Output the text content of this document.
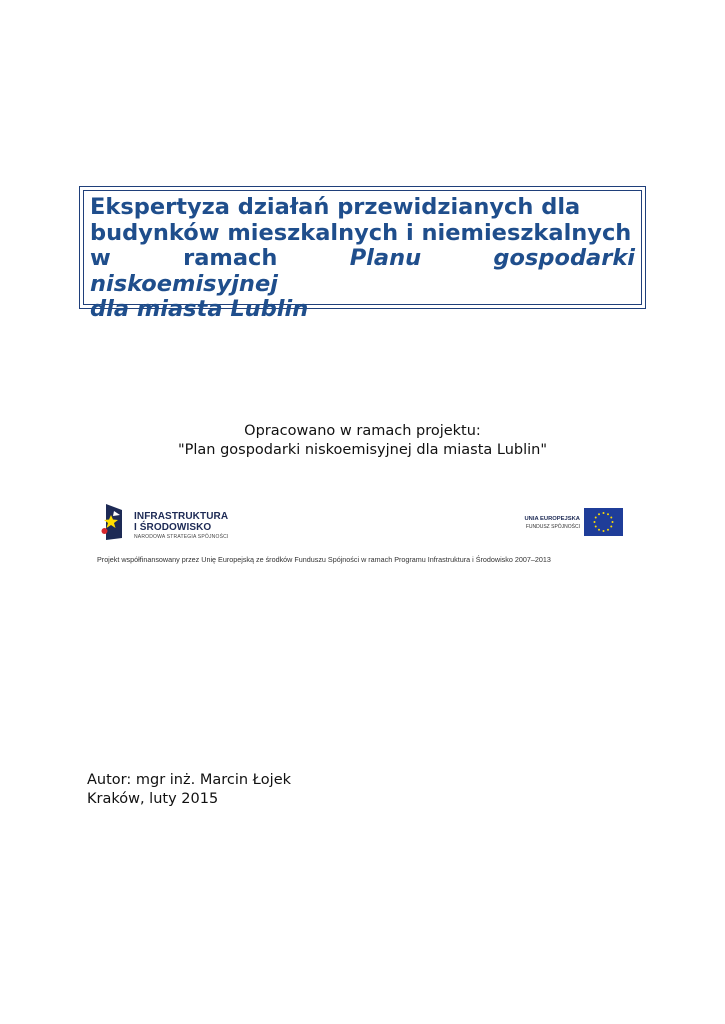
Ekspertyza działań przewidzianych dla
budynków mieszkalnych i niemieszkalnych
w ramach Planu gospodarki niskoemisyjnej
dla miasta Lublin
Opracowano w ramach projektu:
"Plan gospodarki niskoemisyjnej dla miasta Lublin"
INFRASTRUKTURA
I ŚRODOWISKO
NARODOWA STRATEGIA SPÓJNOŚCI
UNIA EUROPEJSKA
FUNDUSZ SPÓJNOŚCI
Projekt współfinansowany przez Unię Europejską ze środków Funduszu Spójności w ramach Programu Infrastruktura i Środowisko 2007–2013
Autor: mgr inż. Marcin Łojek
Kraków, luty 2015
